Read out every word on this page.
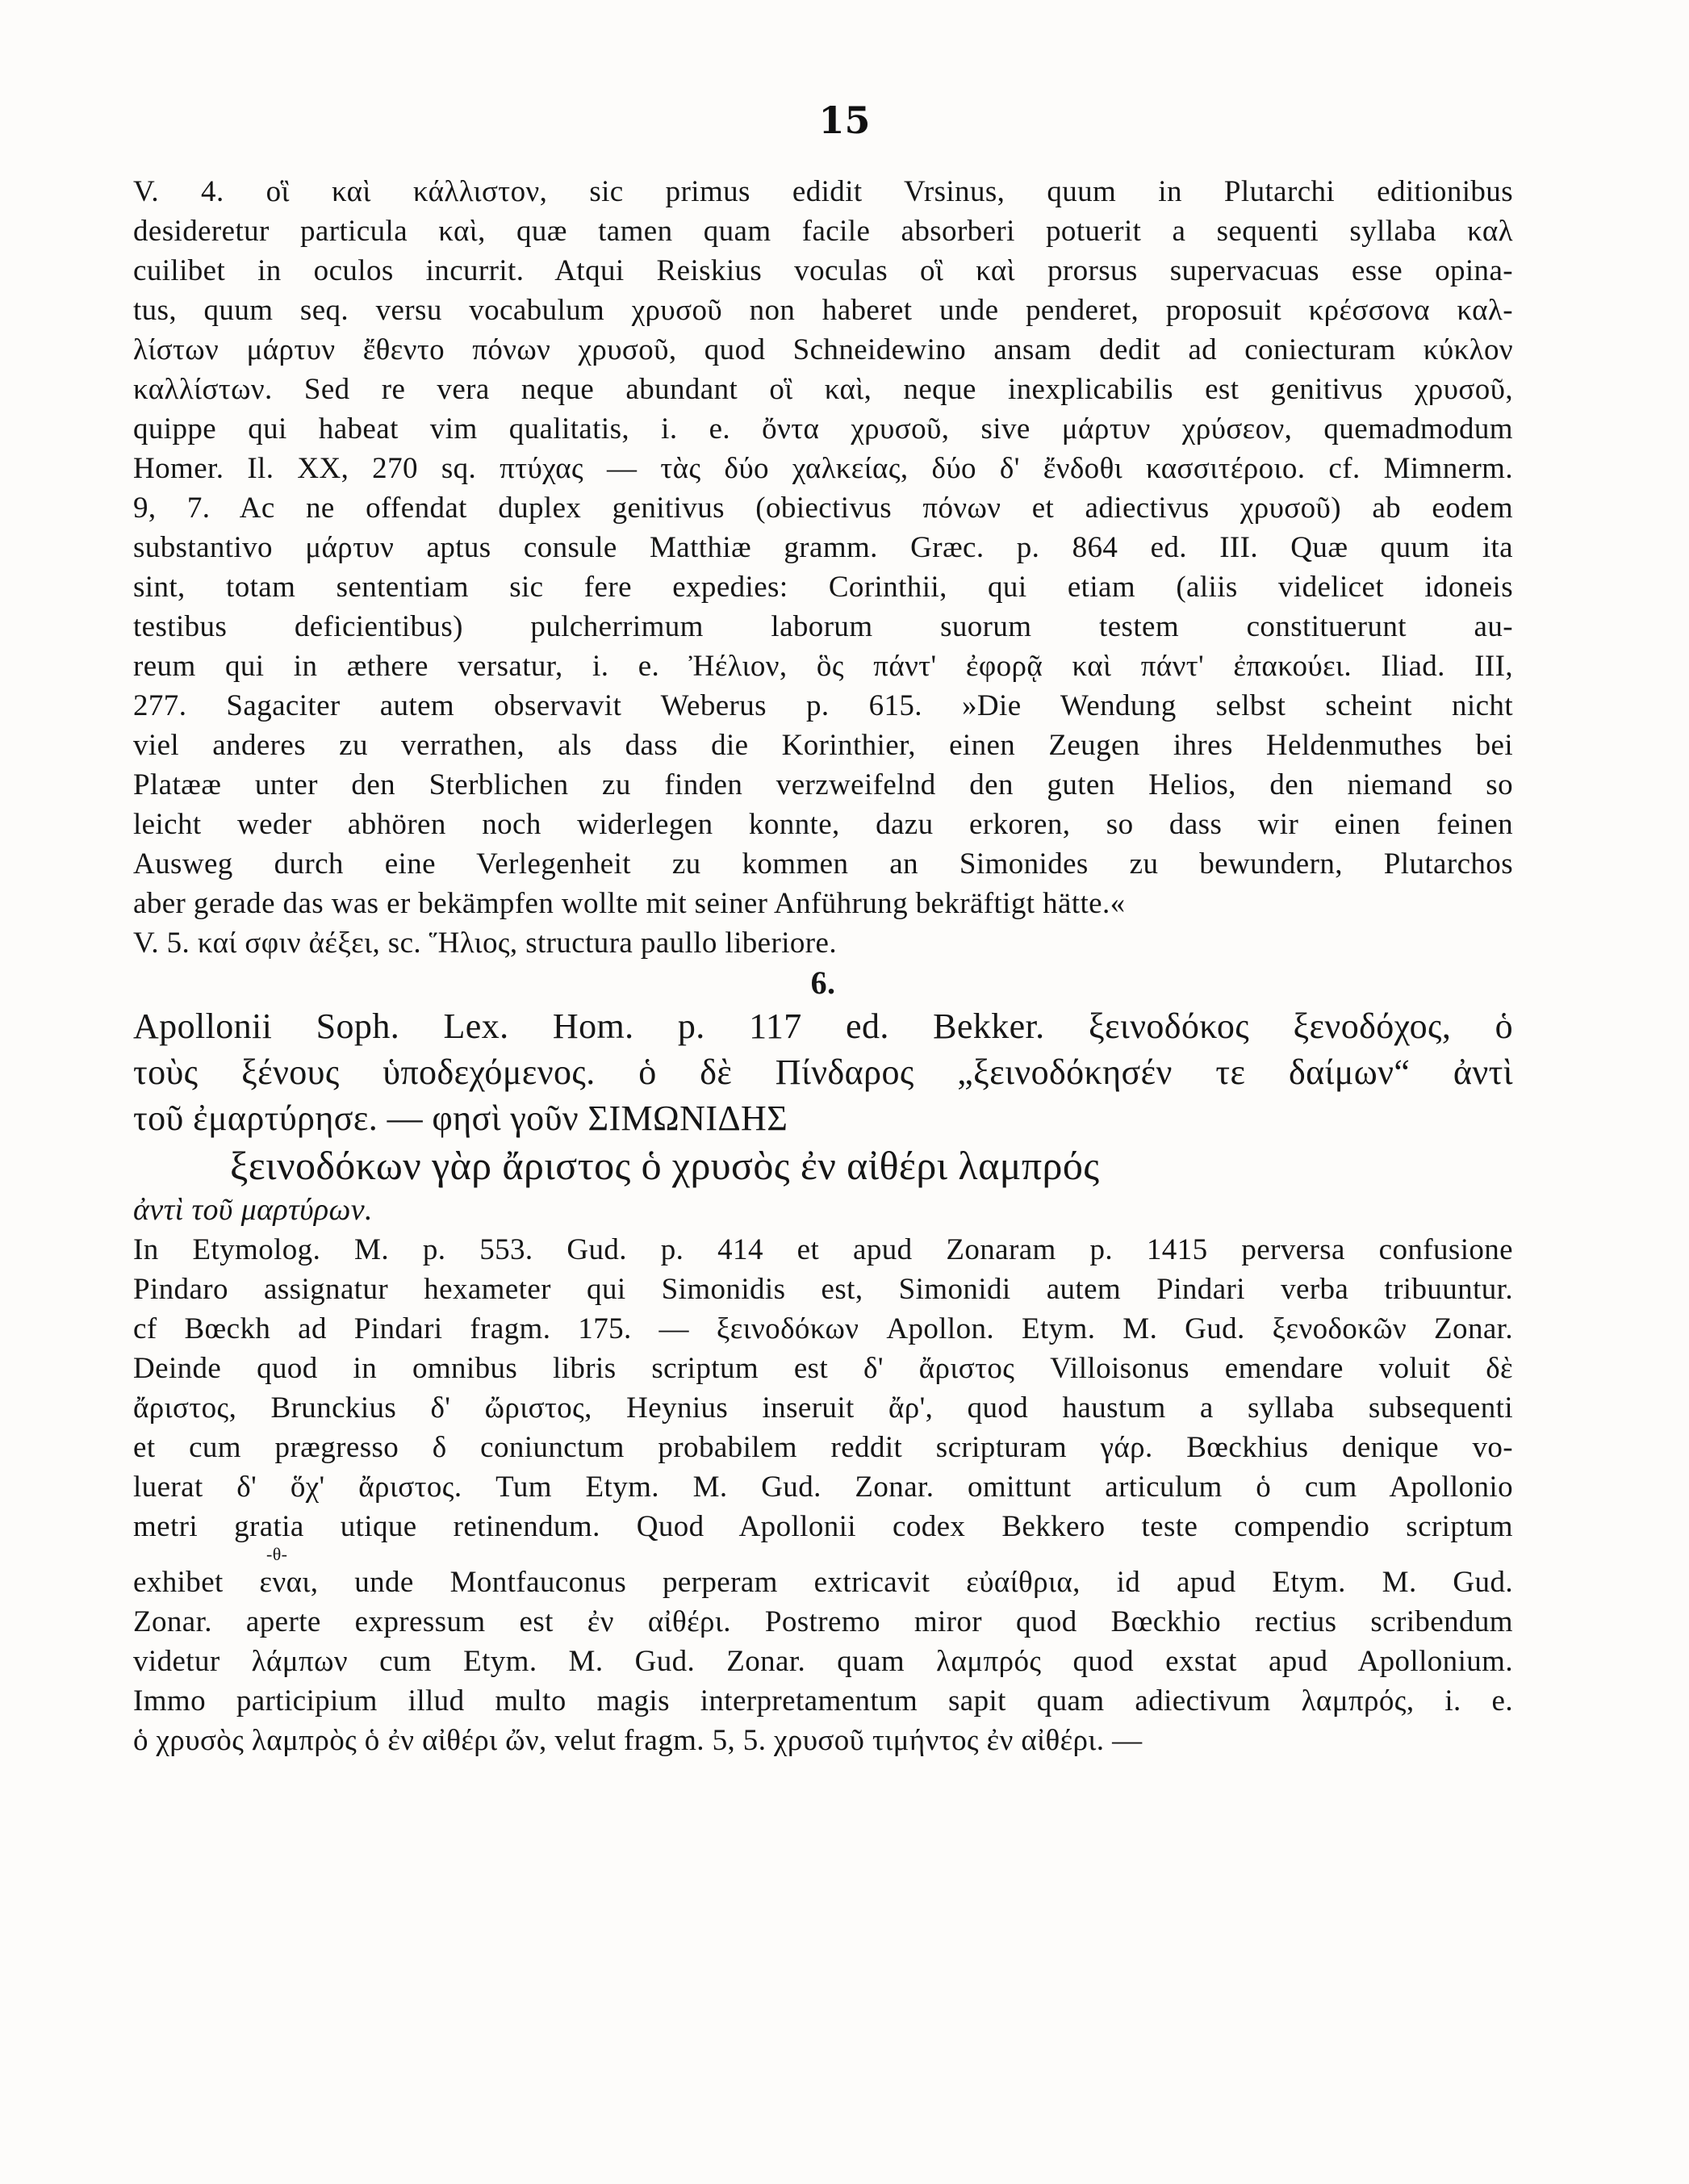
15
V. 4. οἳ καὶ κάλλιστον, sic primus edidit Vrsinus, quum in Plutarchi editionibus
desideretur particula καὶ, quæ tamen quam facile absorberi potuerit a sequenti syllaba καλ
cuilibet in oculos incurrit. Atqui Reiskius voculas οἳ καὶ prorsus supervacuas esse opina-
tus, quum seq. versu vocabulum χρυσοῦ non haberet unde penderet, proposuit κρέσσονα καλ-
λίστων μάρτυν ἔθεντο πόνων χρυσοῦ, quod Schneidewino ansam dedit ad coniecturam κύκλον
καλλίστων. Sed re vera neque abundant οἳ καὶ, neque inexplicabilis est genitivus χρυσοῦ,
quippe qui habeat vim qualitatis, i. e. ὄντα χρυσοῦ, sive μάρτυν χρύσεον, quemadmodum
Homer. Il. XX, 270 sq. πτύχας — τὰς δύο χαλκείας, δύο δ' ἔνδοθι κασσιτέροιο. cf. Mimnerm.
9, 7. Ac ne offendat duplex genitivus (obiectivus πόνων et adiectivus χρυσοῦ) ab eodem
substantivo μάρτυν aptus consule Matthiæ gramm. Græc. p. 864 ed. III. Quæ quum ita
sint, totam sententiam sic fere expedies: Corinthii, qui etiam (aliis videlicet idoneis
testibus deficientibus) pulcherrimum laborum suorum testem constituerunt au-
reum qui in æthere versatur, i. e. Ἠέλιον, ὃς πάντ' ἐφορᾷ καὶ πάντ' ἐπακούει. Iliad. III,
277. Sagaciter autem observavit Weberus p. 615. »Die Wendung selbst scheint nicht
viel anderes zu verrathen, als dass die Korinthier, einen Zeugen ihres Heldenmuthes bei
Platææ unter den Sterblichen zu finden verzweifelnd den guten Helios, den niemand so
leicht weder abhören noch widerlegen konnte, dazu erkoren, so dass wir einen feinen
Ausweg durch eine Verlegenheit zu kommen an Simonides zu bewundern, Plutarchos
aber gerade das was er bekämpfen wollte mit seiner Anführung bekräftigt hätte.«
V. 5. καί σφιν ἀέξει, sc. Ἥλιος, structura paullo liberiore.
6.
Apollonii Soph. Lex. Hom. p. 117 ed. Bekker. ξεινοδόκος ξενοδόχος, ὁ
τοὺς ξένους ὑποδεχόμενος. ὁ δὲ Πίνδαρος „ξεινοδόκησέν τε δαίμων“ ἀντὶ
τοῦ ἐμαρτύρησε. — φησὶ γοῦν ΣΙΜΩΝΙΔΗΣ
ξεινοδόκων γὰρ ἄριστος ὁ χρυσὸς ἐν αἰθέρι λαμπρός
ἀντὶ τοῦ μαρτύρων.
In Etymolog. M. p. 553. Gud. p. 414 et apud Zonaram p. 1415 perversa confusione
Pindaro assignatur hexameter qui Simonidis est, Simonidi autem Pindari verba tribuuntur.
cf Bœckh ad Pindari fragm. 175. — ξεινοδόκων Apollon. Etym. M. Gud. ξενοδοκῶν Zonar.
Deinde quod in omnibus libris scriptum est δ' ἄριστος Villoisonus emendare voluit δὲ
ἄριστος, Brunckius δ' ὤριστος, Heynius inseruit ἄρ', quod haustum a syllaba subsequenti
et cum prægresso δ coniunctum probabilem reddit scripturam γάρ. Bœckhius denique vo-
luerat δ' ὅχ' ἄριστος. Tum Etym. M. Gud. Zonar. omittunt articulum ὁ cum Apollonio
metri gratia utique retinendum. Quod Apollonii codex Bekkero teste compendio scriptum
-θ-
exhibet εναι, unde Montfauconus perperam extricavit εὐαίθρια, id apud Etym. M. Gud.
Zonar. aperte expressum est ἐν αἰθέρι. Postremo miror quod Bœckhio rectius scribendum
videtur λάμπων cum Etym. M. Gud. Zonar. quam λαμπρός quod exstat apud Apollonium.
Immo participium illud multo magis interpretamentum sapit quam adiectivum λαμπρός, i. e.
ὁ χρυσὸς λαμπρὸς ὁ ἐν αἰθέρι ὤν, velut fragm. 5, 5. χρυσοῦ τιμήντος ἐν αἰθέρι. —
